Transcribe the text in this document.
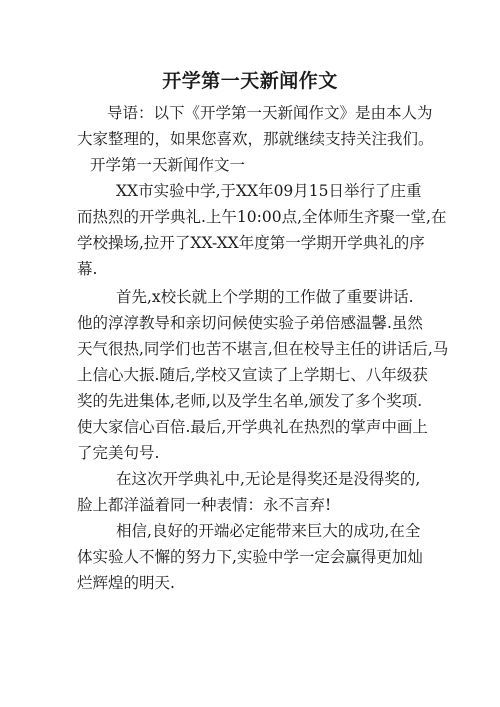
开学第一天新闻作文
导语：以下《开学第一天新闻作文》是由本人为
大家整理的，如果您喜欢，那就继续支持关注我们。
开学第一天新闻作文一
XX市实验中学,于XX年09月15日举行了庄重
而热烈的开学典礼.上午10:00点,全体师生齐聚一堂,在
学校操场,拉开了XX-XX年度第一学期开学典礼的序
幕.
首先,x校长就上个学期的工作做了重要讲话.
他的淳淳教导和亲切问候使实验子弟倍感温馨.虽然
天气很热,同学们也苦不堪言,但在校导主任的讲话后,马
上信心大振.随后,学校又宣读了上学期七、八年级获
奖的先进集体,老师,以及学生名单,颁发了多个奖项.
使大家信心百倍.最后,开学典礼在热烈的掌声中画上
了完美句号.
在这次开学典礼中,无论是得奖还是没得奖的,
脸上都洋溢着同一种表情：永不言弃!
相信,良好的开端必定能带来巨大的成功,在全
体实验人不懈的努力下,实验中学一定会赢得更加灿
烂辉煌的明天.
